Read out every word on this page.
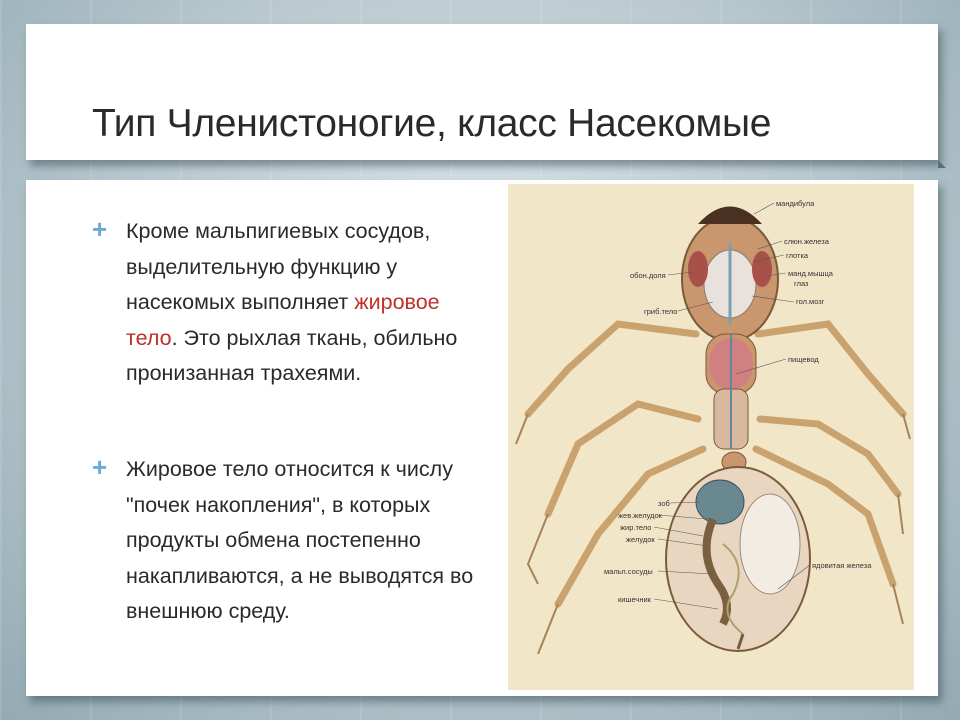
Тип Членистоногие, класс Насекомые
+ Кроме мальпигиевых сосудов, выделительную функцию у насекомых выполняет жировое тело. Это рыхлая ткань, обильно пронизанная трахеями.
+ Жировое тело относится к числу "почек накопления", в которых продукты обмена постепенно накапливаются, а не выводятся во внешнюю среду.
мандибула
слюн.железа
глотка
обон.доля	манд.мышца
глаз
гол.мозг
гриб.тело
пищевод
зоб
жев.желудок
жир.тело
желудок
мальп.сосуды
кишечник
ядовитая железа
